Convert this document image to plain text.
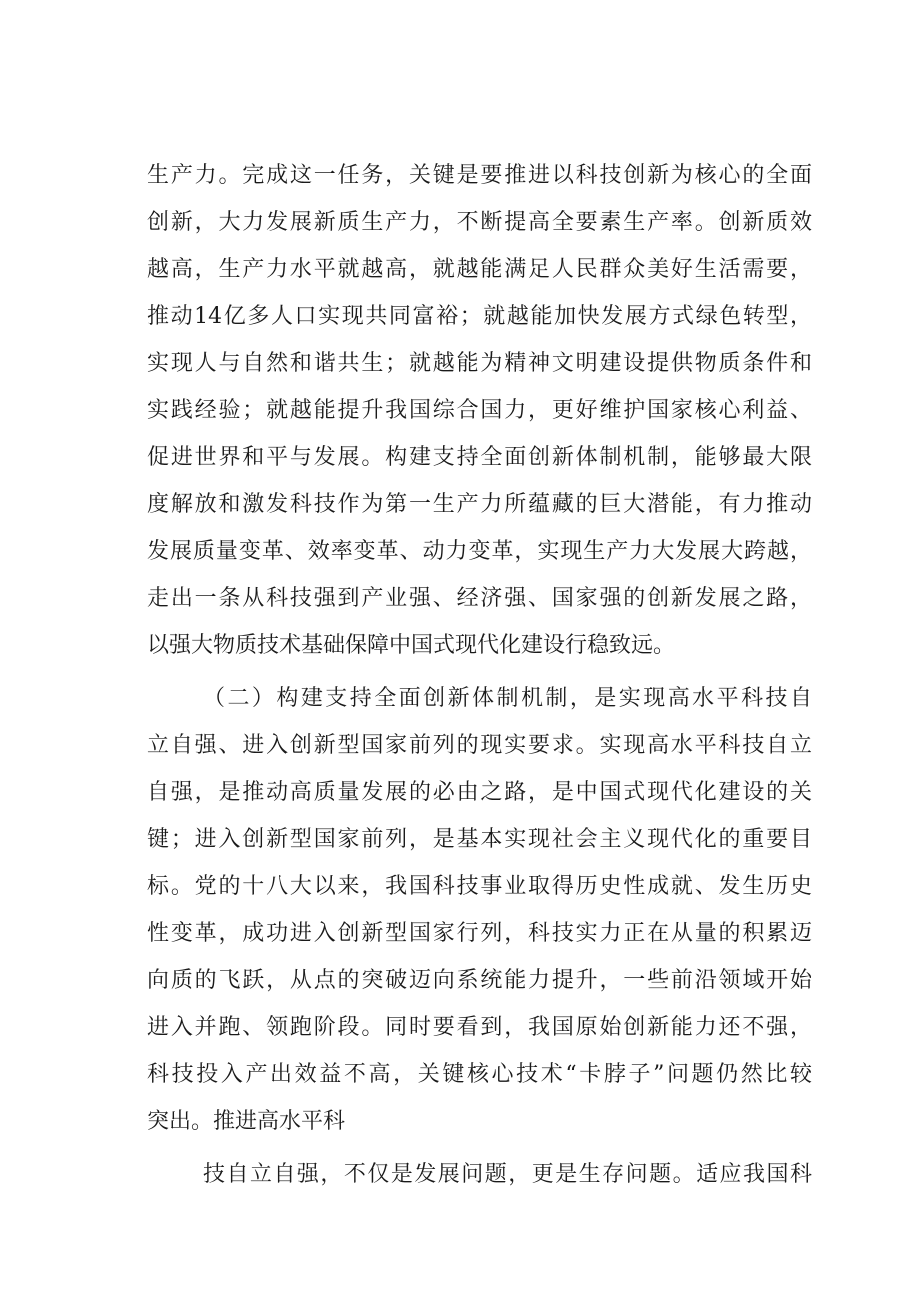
生产力。完成这一任务，关键是要推进以科技创新为核心的全面
创新，大力发展新质生产力，不断提高全要素生产率。创新质效
越高，生产力水平就越高，就越能满足人民群众美好生活需要，
推动14亿多人口实现共同富裕；就越能加快发展方式绿色转型，
实现人与自然和谐共生；就越能为精神文明建设提供物质条件和
实践经验；就越能提升我国综合国力，更好维护国家核心利益、
促进世界和平与发展。构建支持全面创新体制机制，能够最大限
度解放和激发科技作为第一生产力所蕴藏的巨大潜能，有力推动
发展质量变革、效率变革、动力变革，实现生产力大发展大跨越，
走出一条从科技强到产业强、经济强、国家强的创新发展之路，
以强大物质技术基础保障中国式现代化建设行稳致远。
（二）构建支持全面创新体制机制，是实现高水平科技自
立自强、进入创新型国家前列的现实要求。实现高水平科技自立
自强，是推动高质量发展的必由之路，是中国式现代化建设的关
键；进入创新型国家前列，是基本实现社会主义现代化的重要目
标。党的十八大以来，我国科技事业取得历史性成就、发生历史
性变革，成功进入创新型国家行列，科技实力正在从量的积累迈
向质的飞跃，从点的突破迈向系统能力提升，一些前沿领域开始
进入并跑、领跑阶段。同时要看到，我国原始创新能力还不强，
科技投入产出效益不高，关键核心技术“卡脖子”问题仍然比较
突出。推进高水平科
技自立自强，不仅是发展问题，更是生存问题。适应我国科
